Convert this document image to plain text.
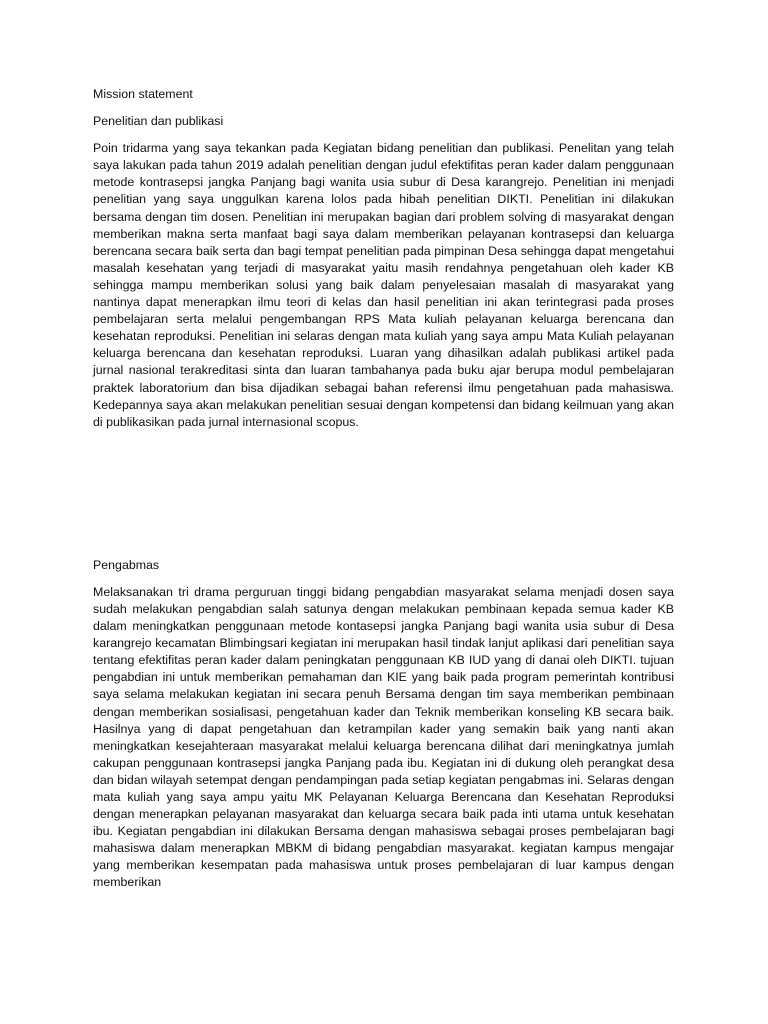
Mission statement

Penelitian dan publikasi

Poin tridarma yang saya tekankan pada Kegiatan bidang penelitian dan publikasi. Penelitan yang telah saya lakukan pada tahun 2019 adalah penelitian dengan judul efektifitas peran kader dalam penggunaan metode kontrasepsi jangka Panjang bagi wanita usia subur di Desa karangrejo. Penelitian ini menjadi penelitian yang saya unggulkan karena lolos pada hibah penelitian DIKTI. Penelitian ini dilakukan bersama dengan tim dosen. Penelitian ini merupakan bagian dari problem solving di masyarakat dengan memberikan makna serta manfaat bagi saya dalam memberikan pelayanan kontrasepsi dan keluarga berencana secara baik serta dan bagi tempat penelitian pada pimpinan Desa sehingga dapat mengetahui masalah kesehatan yang terjadi di masyarakat yaitu masih rendahnya pengetahuan oleh kader KB sehingga mampu memberikan solusi yang baik dalam penyelesaian masalah di masyarakat yang nantinya dapat menerapkan ilmu teori di kelas dan hasil penelitian ini akan terintegrasi pada proses pembelajaran serta melalui pengembangan RPS Mata kuliah pelayanan keluarga berencana dan kesehatan reproduksi. Penelitian ini selaras dengan mata kuliah yang saya ampu Mata Kuliah pelayanan keluarga berencana dan kesehatan reproduksi. Luaran yang dihasilkan adalah publikasi artikel pada jurnal nasional terakreditasi sinta dan luaran tambahanya pada buku ajar berupa modul pembelajaran praktek laboratorium dan bisa dijadikan sebagai bahan referensi ilmu pengetahuan pada mahasiswa. Kedepannya saya akan melakukan penelitian sesuai dengan kompetensi dan bidang keilmuan yang akan di publikasikan pada jurnal internasional scopus.

Pengabmas

Melaksanakan tri drama perguruan tinggi bidang pengabdian masyarakat selama menjadi dosen saya sudah melakukan pengabdian salah satunya dengan melakukan pembinaan kepada semua kader KB dalam meningkatkan penggunaan metode kontasepsi jangka Panjang bagi wanita usia subur di Desa karangrejo kecamatan Blimbingsari kegiatan ini merupakan hasil tindak lanjut aplikasi dari penelitian saya tentang efektifitas peran kader dalam peningkatan penggunaan KB IUD yang di danai oleh DIKTI. tujuan pengabdian ini untuk memberikan pemahaman dan KIE yang baik pada program pemerintah kontribusi saya selama melakukan kegiatan ini secara penuh Bersama dengan tim saya memberikan pembinaan dengan memberikan sosialisasi, pengetahuan kader dan Teknik memberikan konseling KB secara baik. Hasilnya yang di dapat pengetahuan dan ketrampilan kader yang semakin baik yang nanti akan meningkatkan kesejahteraan masyarakat melalui keluarga berencana dilihat dari meningkatnya jumlah cakupan penggunaan kontrasepsi jangka Panjang pada ibu. Kegiatan ini di dukung oleh perangkat desa dan bidan wilayah setempat dengan pendampingan pada setiap kegiatan pengabmas ini. Selaras dengan mata kuliah yang saya ampu yaitu MK Pelayanan Keluarga Berencana dan Kesehatan Reproduksi dengan menerapkan pelayanan masyarakat dan keluarga secara baik pada inti utama untuk kesehatan ibu. Kegiatan pengabdian ini dilakukan Bersama dengan mahasiswa sebagai proses pembelajaran bagi mahasiswa dalam menerapkan MBKM di bidang pengabdian masyarakat. kegiatan kampus mengajar yang memberikan kesempatan pada mahasiswa untuk proses pembelajaran di luar kampus dengan memberikan
